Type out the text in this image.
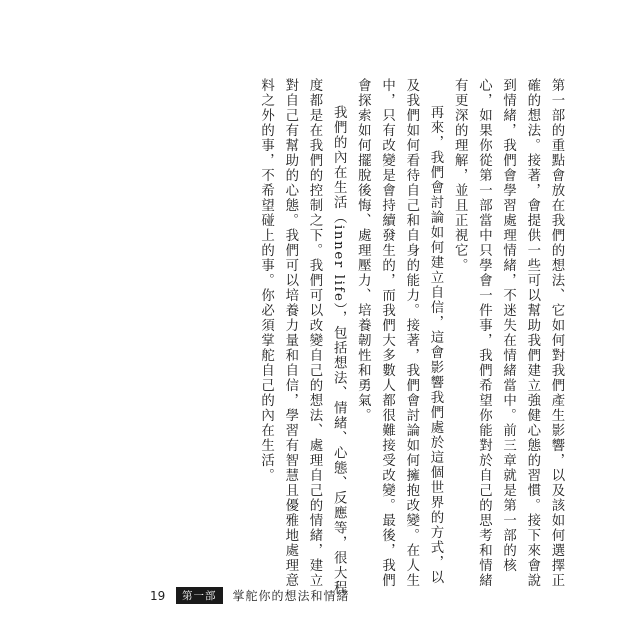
第一部的重點會放在我們的想法、它如何對我們產生影響，以及該如何選擇正確的想法。接著，會提供一些可以幫助我們建立強健心態的習慣。接下來會說到情緒，我們會學習處理情緒，不迷失在情緒當中。前三章就是第一部的核心，如果你從第一部當中只學會一件事，我們希望你能對於自己的思考和情緒有更深的理解，並且正視它。

再來，我們會討論如何建立自信，這會影響我們處於這個世界的方式，以及我們如何看待自己和自身的能力。接著，我們會討論如何擁抱改變。在人生中，只有改變是會持續發生的，而我們大多數人都很難接受改變。最後，我們會探索如何擺脫後悔、處理壓力、培養韌性和勇氣。

我們的內在生活（inner life），包括想法、情緒、心態、反應等，很大程度都是在我們的控制之下。我們可以改變自己的想法、處理自己的情緒，建立對自己有幫助的心態。我們可以培養力量和自信，學習有智慧且優雅地處理意料之外的事，不希望碰上的事。你必須掌舵自己的內在生活。

19	第一部	掌舵你的想法和情緒
